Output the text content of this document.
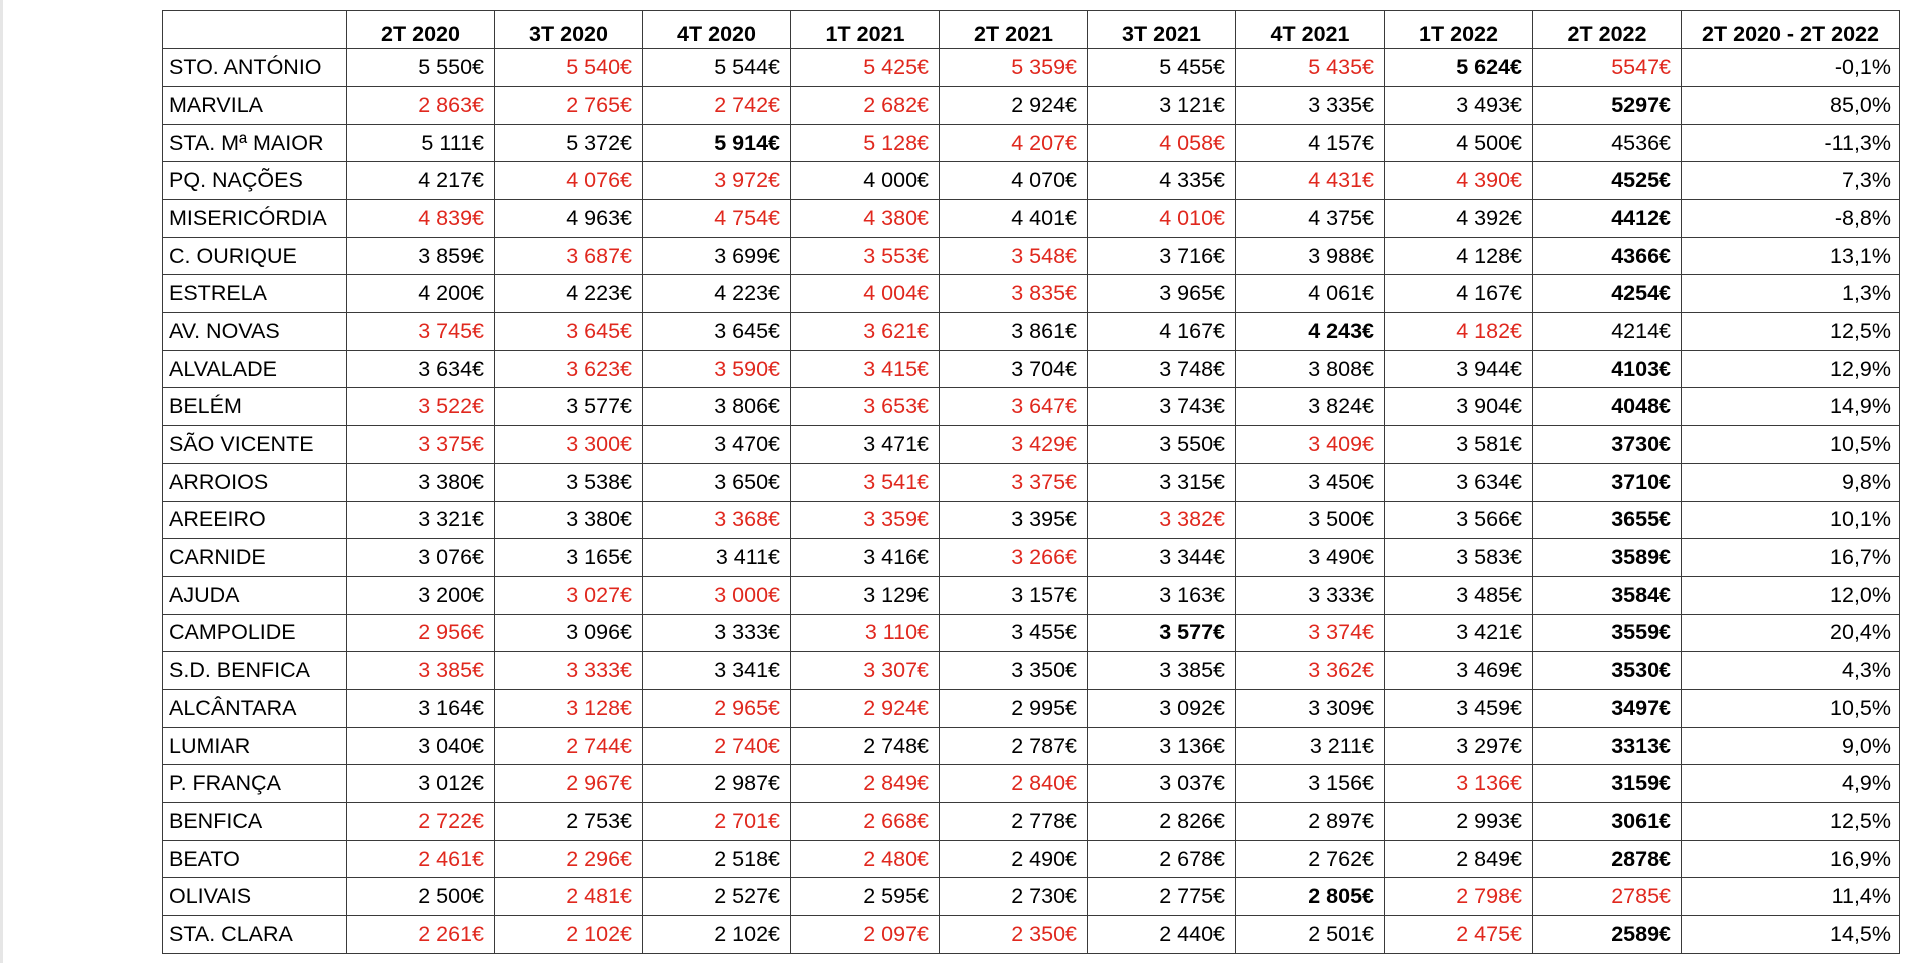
	2T 2020	3T 2020	4T 2020	1T 2021	2T 2021	3T 2021	4T 2021	1T 2022	2T 2022	2T 2020 - 2T 2022
STO. ANTÓNIO	5 550€	5 540€	5 544€	5 425€	5 359€	5 455€	5 435€	5 624€	5547€	-0,1%
MARVILA	2 863€	2 765€	2 742€	2 682€	2 924€	3 121€	3 335€	3 493€	5297€	85,0%
STA. Mª MAIOR	5 111€	5 372€	5 914€	5 128€	4 207€	4 058€	4 157€	4 500€	4536€	-11,3%
PQ. NAÇÕES	4 217€	4 076€	3 972€	4 000€	4 070€	4 335€	4 431€	4 390€	4525€	7,3%
MISERICÓRDIA	4 839€	4 963€	4 754€	4 380€	4 401€	4 010€	4 375€	4 392€	4412€	-8,8%
C. OURIQUE	3 859€	3 687€	3 699€	3 553€	3 548€	3 716€	3 988€	4 128€	4366€	13,1%
ESTRELA	4 200€	4 223€	4 223€	4 004€	3 835€	3 965€	4 061€	4 167€	4254€	1,3%
AV. NOVAS	3 745€	3 645€	3 645€	3 621€	3 861€	4 167€	4 243€	4 182€	4214€	12,5%
ALVALADE	3 634€	3 623€	3 590€	3 415€	3 704€	3 748€	3 808€	3 944€	4103€	12,9%
BELÉM	3 522€	3 577€	3 806€	3 653€	3 647€	3 743€	3 824€	3 904€	4048€	14,9%
SÃO VICENTE	3 375€	3 300€	3 470€	3 471€	3 429€	3 550€	3 409€	3 581€	3730€	10,5%
ARROIOS	3 380€	3 538€	3 650€	3 541€	3 375€	3 315€	3 450€	3 634€	3710€	9,8%
AREEIRO	3 321€	3 380€	3 368€	3 359€	3 395€	3 382€	3 500€	3 566€	3655€	10,1%
CARNIDE	3 076€	3 165€	3 411€	3 416€	3 266€	3 344€	3 490€	3 583€	3589€	16,7%
AJUDA	3 200€	3 027€	3 000€	3 129€	3 157€	3 163€	3 333€	3 485€	3584€	12,0%
CAMPOLIDE	2 956€	3 096€	3 333€	3 110€	3 455€	3 577€	3 374€	3 421€	3559€	20,4%
S.D. BENFICA	3 385€	3 333€	3 341€	3 307€	3 350€	3 385€	3 362€	3 469€	3530€	4,3%
ALCÂNTARA	3 164€	3 128€	2 965€	2 924€	2 995€	3 092€	3 309€	3 459€	3497€	10,5%
LUMIAR	3 040€	2 744€	2 740€	2 748€	2 787€	3 136€	3 211€	3 297€	3313€	9,0%
P. FRANÇA	3 012€	2 967€	2 987€	2 849€	2 840€	3 037€	3 156€	3 136€	3159€	4,9%
BENFICA	2 722€	2 753€	2 701€	2 668€	2 778€	2 826€	2 897€	2 993€	3061€	12,5%
BEATO	2 461€	2 296€	2 518€	2 480€	2 490€	2 678€	2 762€	2 849€	2878€	16,9%
OLIVAIS	2 500€	2 481€	2 527€	2 595€	2 730€	2 775€	2 805€	2 798€	2785€	11,4%
STA. CLARA	2 261€	2 102€	2 102€	2 097€	2 350€	2 440€	2 501€	2 475€	2589€	14,5%
